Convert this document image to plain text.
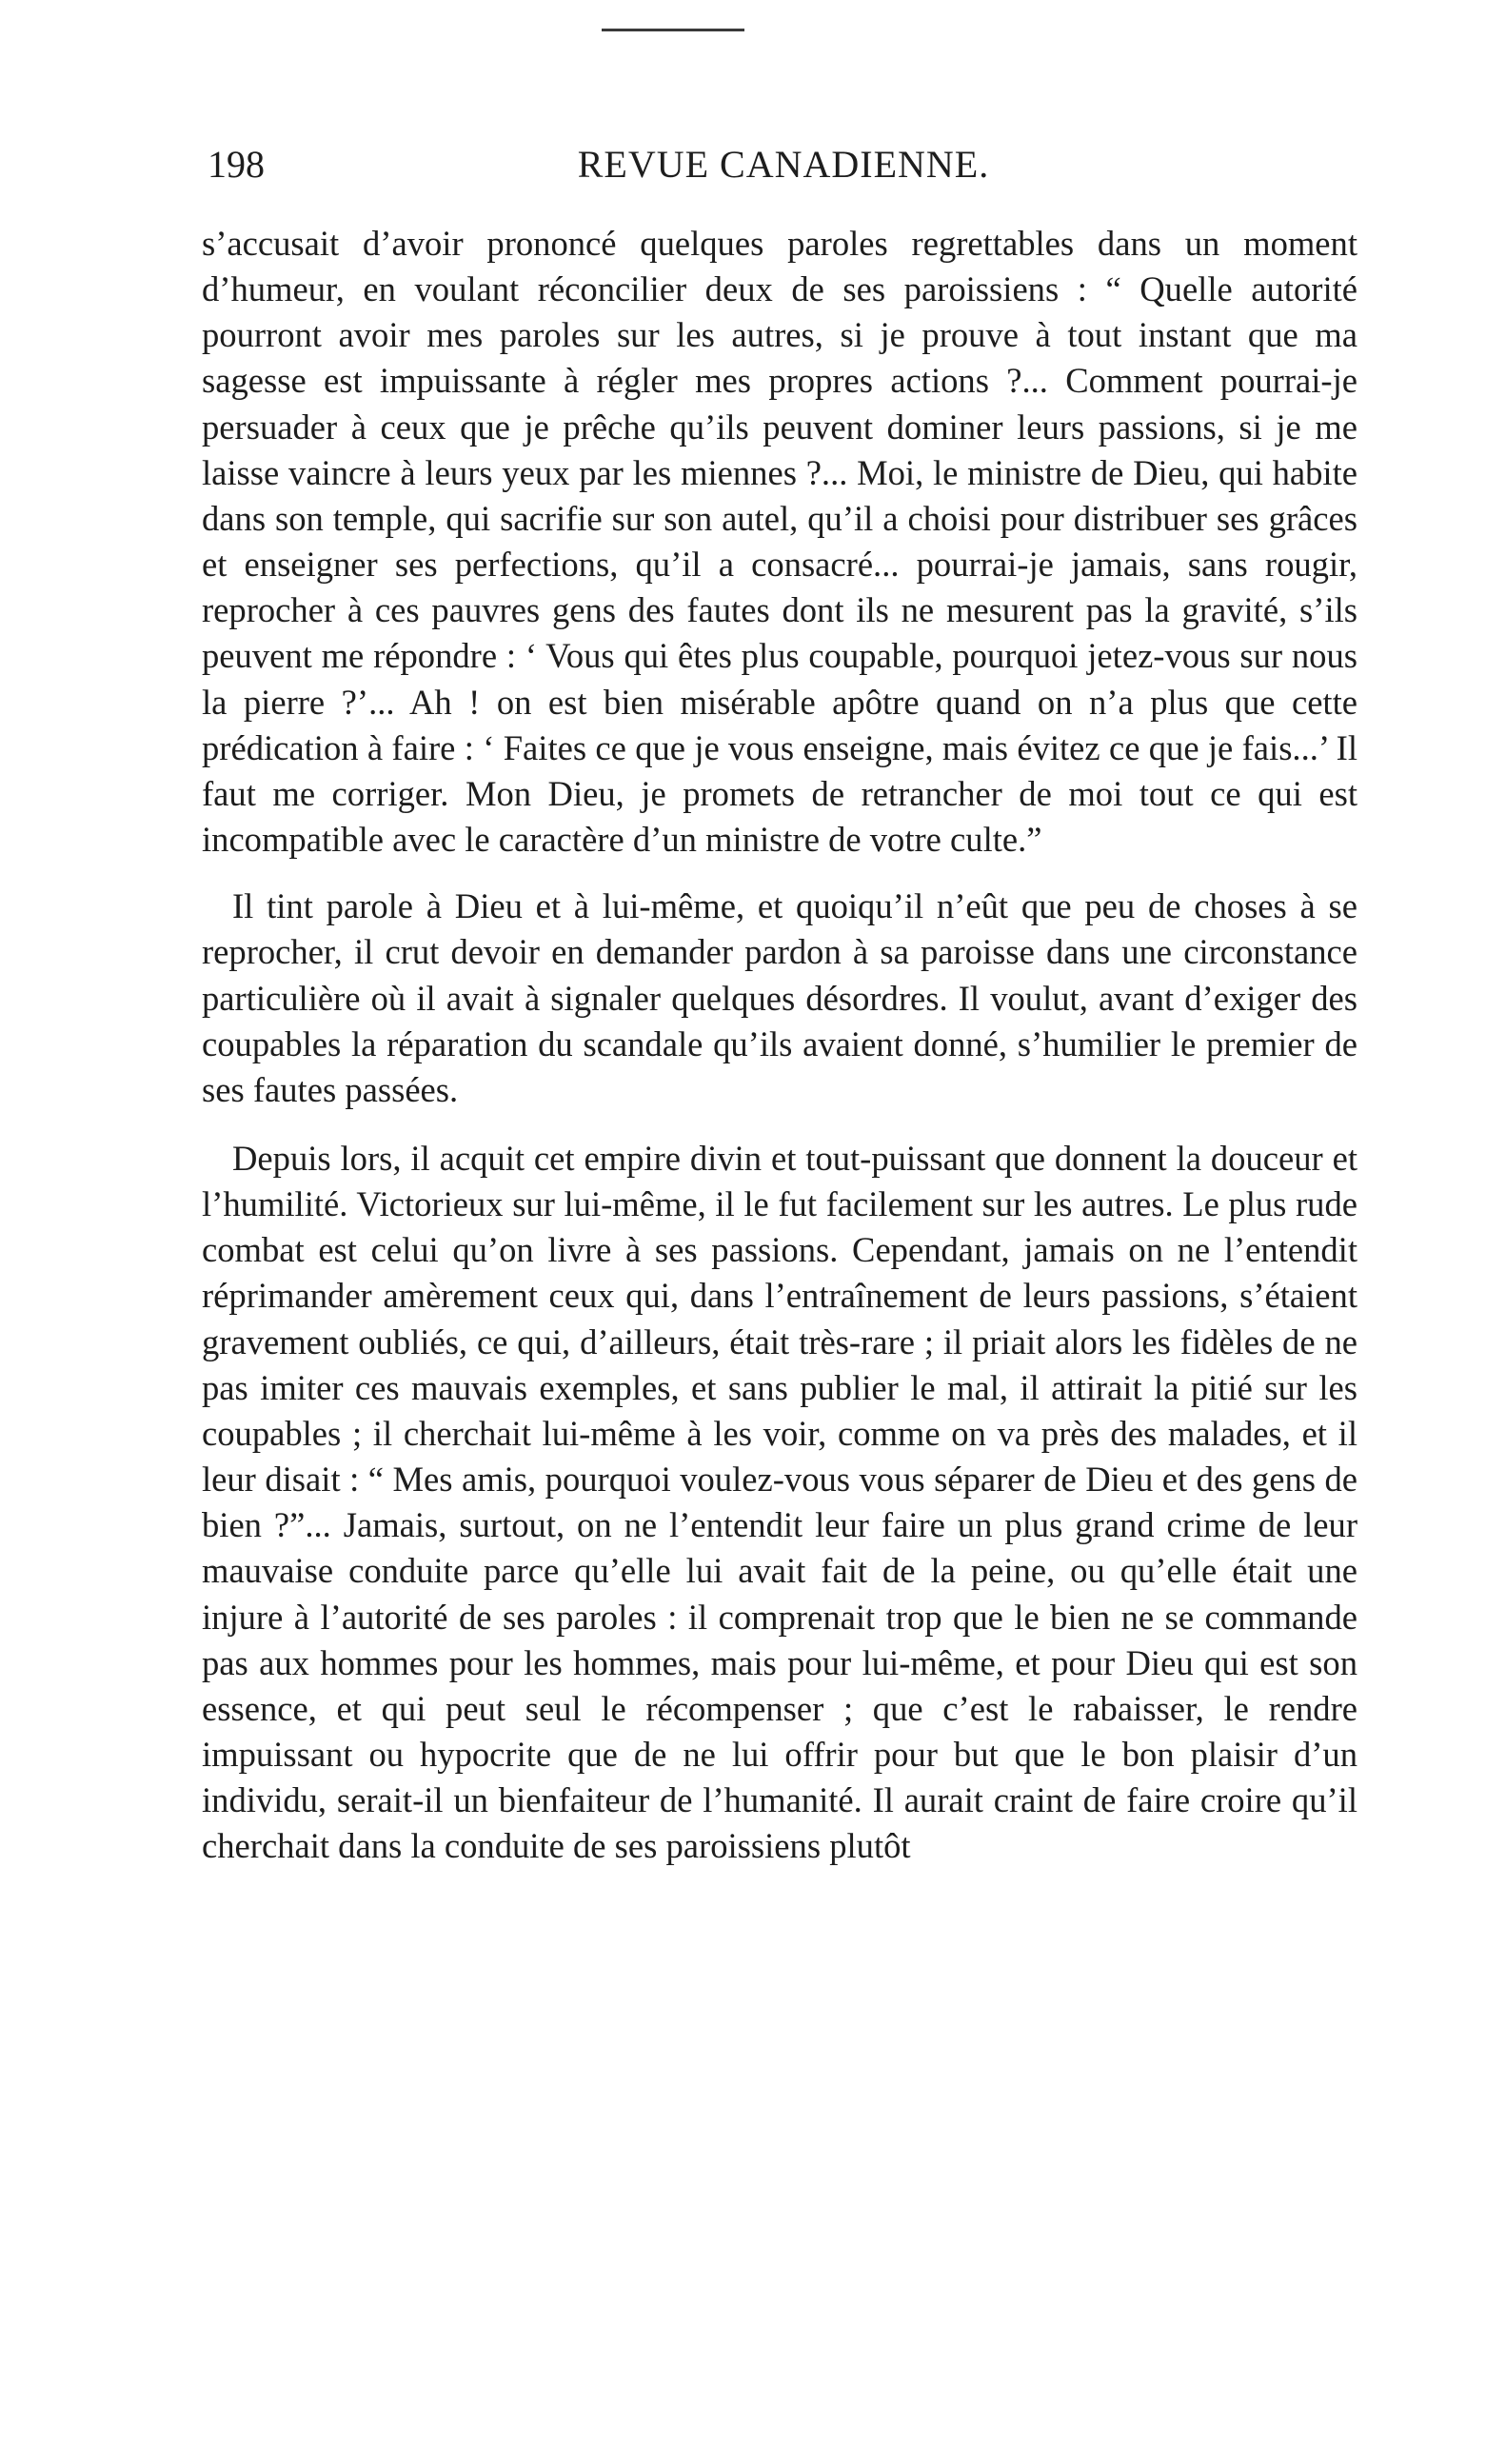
198	REVUE CANADIENNE.

s’accusait d’avoir prononcé quelques paroles regrettables dans un moment d’humeur, en voulant réconcilier deux de ses paroissiens : “ Quelle autorité pourront avoir mes paroles sur les autres, si je prouve à tout instant que ma sagesse est impuissante à régler mes propres actions ?... Comment pourrai-je persuader à ceux que je prêche qu’ils peuvent dominer leurs passions, si je me laisse vaincre à leurs yeux par les miennes ?... Moi, le ministre de Dieu, qui habite dans son temple, qui sacrifie sur son autel, qu’il a choisi pour distribuer ses grâces et enseigner ses perfections, qu’il a consacré... pourrai-je jamais, sans rougir, reprocher à ces pauvres gens des fautes dont ils ne mesurent pas la gravité, s’ils peuvent me répondre : ‘ Vous qui êtes plus coupable, pourquoi jetez-vous sur nous la pierre ?’... Ah ! on est bien misérable apôtre quand on n’a plus que cette prédication à faire : ‘ Faites ce que je vous enseigne, mais évitez ce que je fais...’ Il faut me corriger. Mon Dieu, je promets de retrancher de moi tout ce qui est incompatible avec le caractère d’un ministre de votre culte.”

Il tint parole à Dieu et à lui-même, et quoiqu’il n’eût que peu de choses à se reprocher, il crut devoir en demander pardon à sa paroisse dans une circonstance particulière où il avait à signaler quelques désordres. Il voulut, avant d’exiger des coupables la réparation du scandale qu’ils avaient donné, s’humilier le premier de ses fautes passées.

Depuis lors, il acquit cet empire divin et tout-puissant que donnent la douceur et l’humilité. Victorieux sur lui-même, il le fut facilement sur les autres. Le plus rude combat est celui qu’on livre à ses passions. Cependant, jamais on ne l’entendit réprimander amèrement ceux qui, dans l’entraînement de leurs passions, s’étaient gravement oubliés, ce qui, d’ailleurs, était très-rare ; il priait alors les fidèles de ne pas imiter ces mauvais exemples, et sans publier le mal, il attirait la pitié sur les coupables ; il cherchait lui-même à les voir, comme on va près des malades, et il leur disait : “ Mes amis, pourquoi voulez-vous vous séparer de Dieu et des gens de bien ?”... Jamais, surtout, on ne l’entendit leur faire un plus grand crime de leur mauvaise conduite parce qu’elle lui avait fait de la peine, ou qu’elle était une injure à l’autorité de ses paroles : il comprenait trop que le bien ne se commande pas aux hommes pour les hommes, mais pour lui-même, et pour Dieu qui est son essence, et qui peut seul le récompenser ; que c’est le rabaisser, le rendre impuissant ou hypocrite que de ne lui offrir pour but que le bon plaisir d’un individu, serait-il un bienfaiteur de l’humanité. Il aurait craint de faire croire qu’il cherchait dans la conduite de ses paroissiens plutôt
